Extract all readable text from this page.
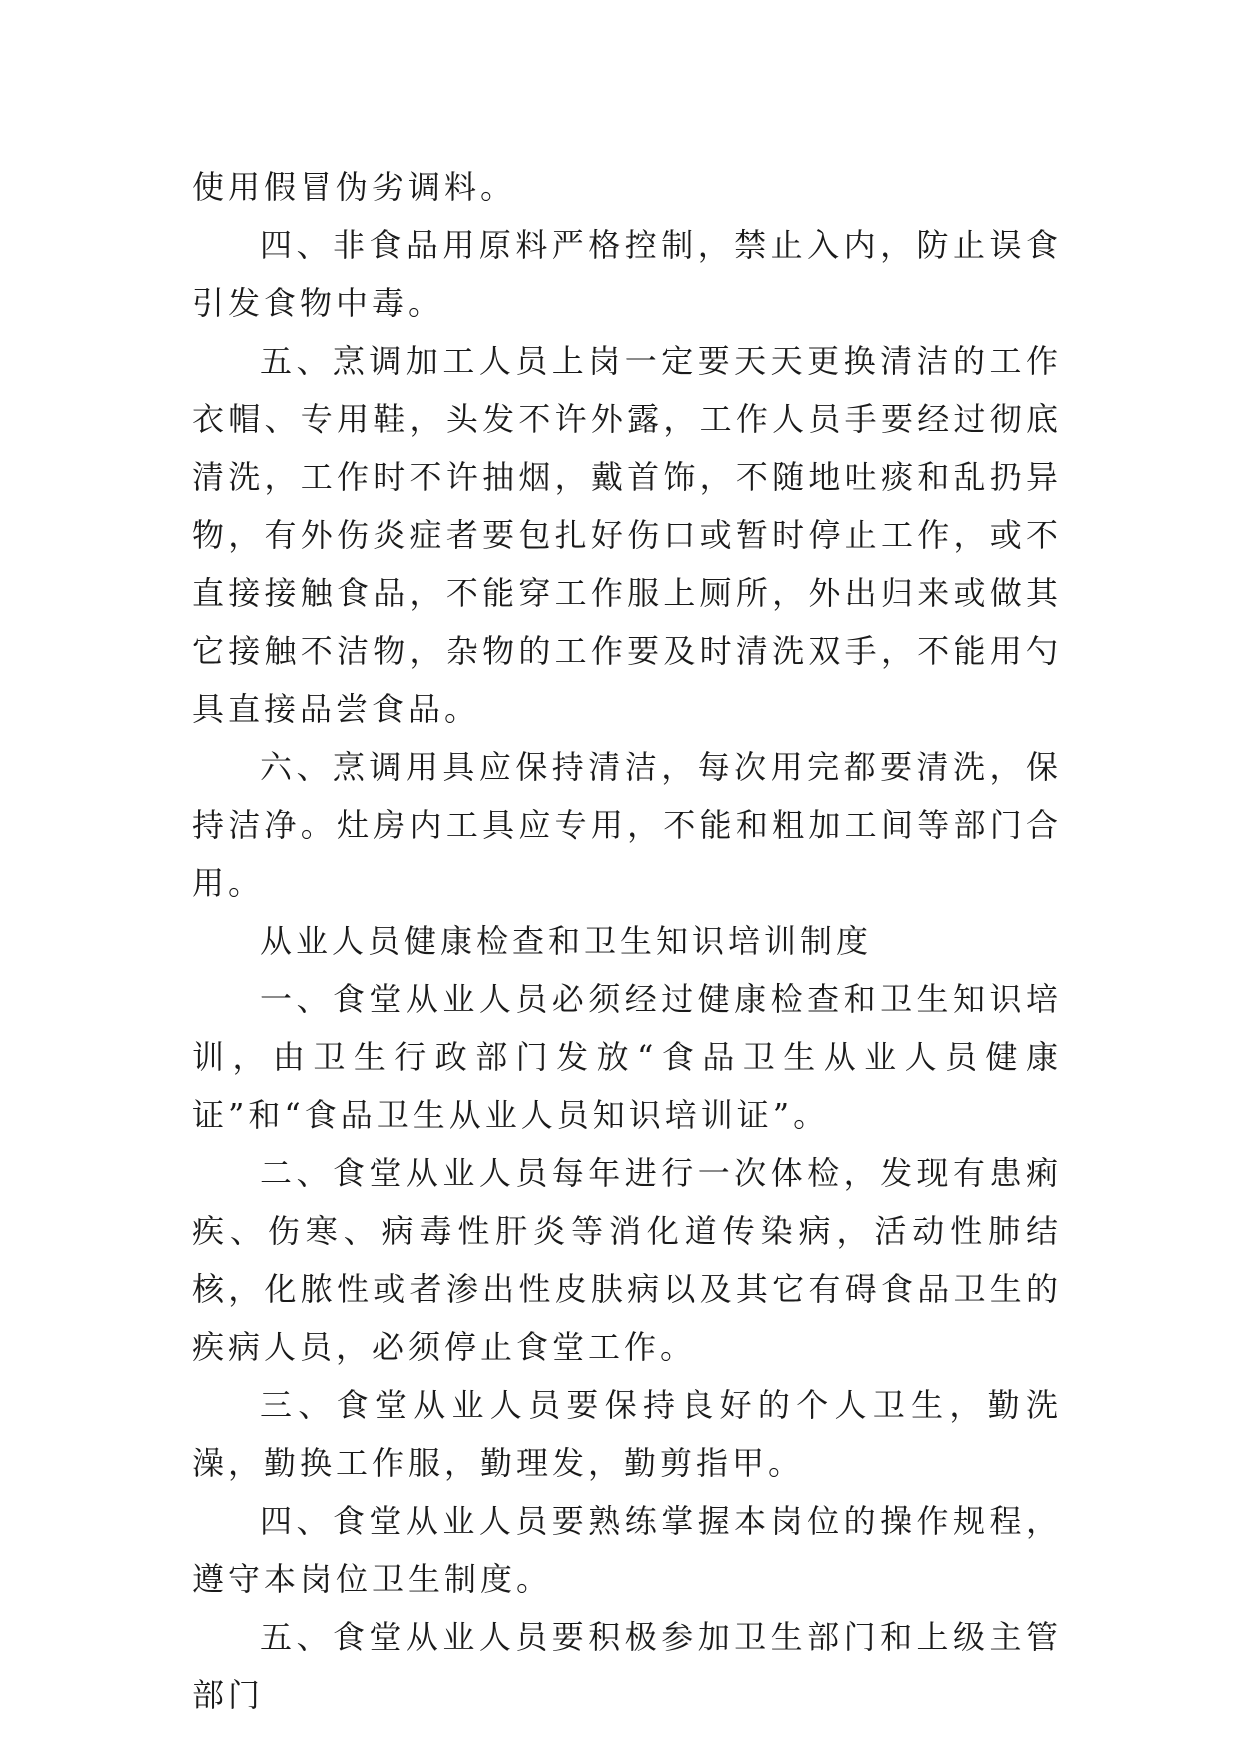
使用假冒伪劣调料。

四、非食品用原料严格控制，禁止入内，防止误食引发食物中毒。

五、烹调加工人员上岗一定要天天更换清洁的工作衣帽、专用鞋，头发不许外露，工作人员手要经过彻底清洗，工作时不许抽烟，戴首饰，不随地吐痰和乱扔异物，有外伤炎症者要包扎好伤口或暂时停止工作，或不直接接触食品，不能穿工作服上厕所，外出归来或做其它接触不洁物，杂物的工作要及时清洗双手，不能用勺具直接品尝食品。

六、烹调用具应保持清洁，每次用完都要清洗，保持洁净。灶房内工具应专用，不能和粗加工间等部门合用。

从业人员健康检查和卫生知识培训制度

一、食堂从业人员必须经过健康检查和卫生知识培训，由卫生行政部门发放“食品卫生从业人员健康证”和“食品卫生从业人员知识培训证”。

二、食堂从业人员每年进行一次体检，发现有患痢疾、伤寒、病毒性肝炎等消化道传染病，活动性肺结核，化脓性或者渗出性皮肤病以及其它有碍食品卫生的疾病人员，必须停止食堂工作。

三、食堂从业人员要保持良好的个人卫生，勤洗澡，勤换工作服，勤理发，勤剪指甲。

四、食堂从业人员要熟练掌握本岗位的操作规程，遵守本岗位卫生制度。

五、食堂从业人员要积极参加卫生部门和上级主管部门
